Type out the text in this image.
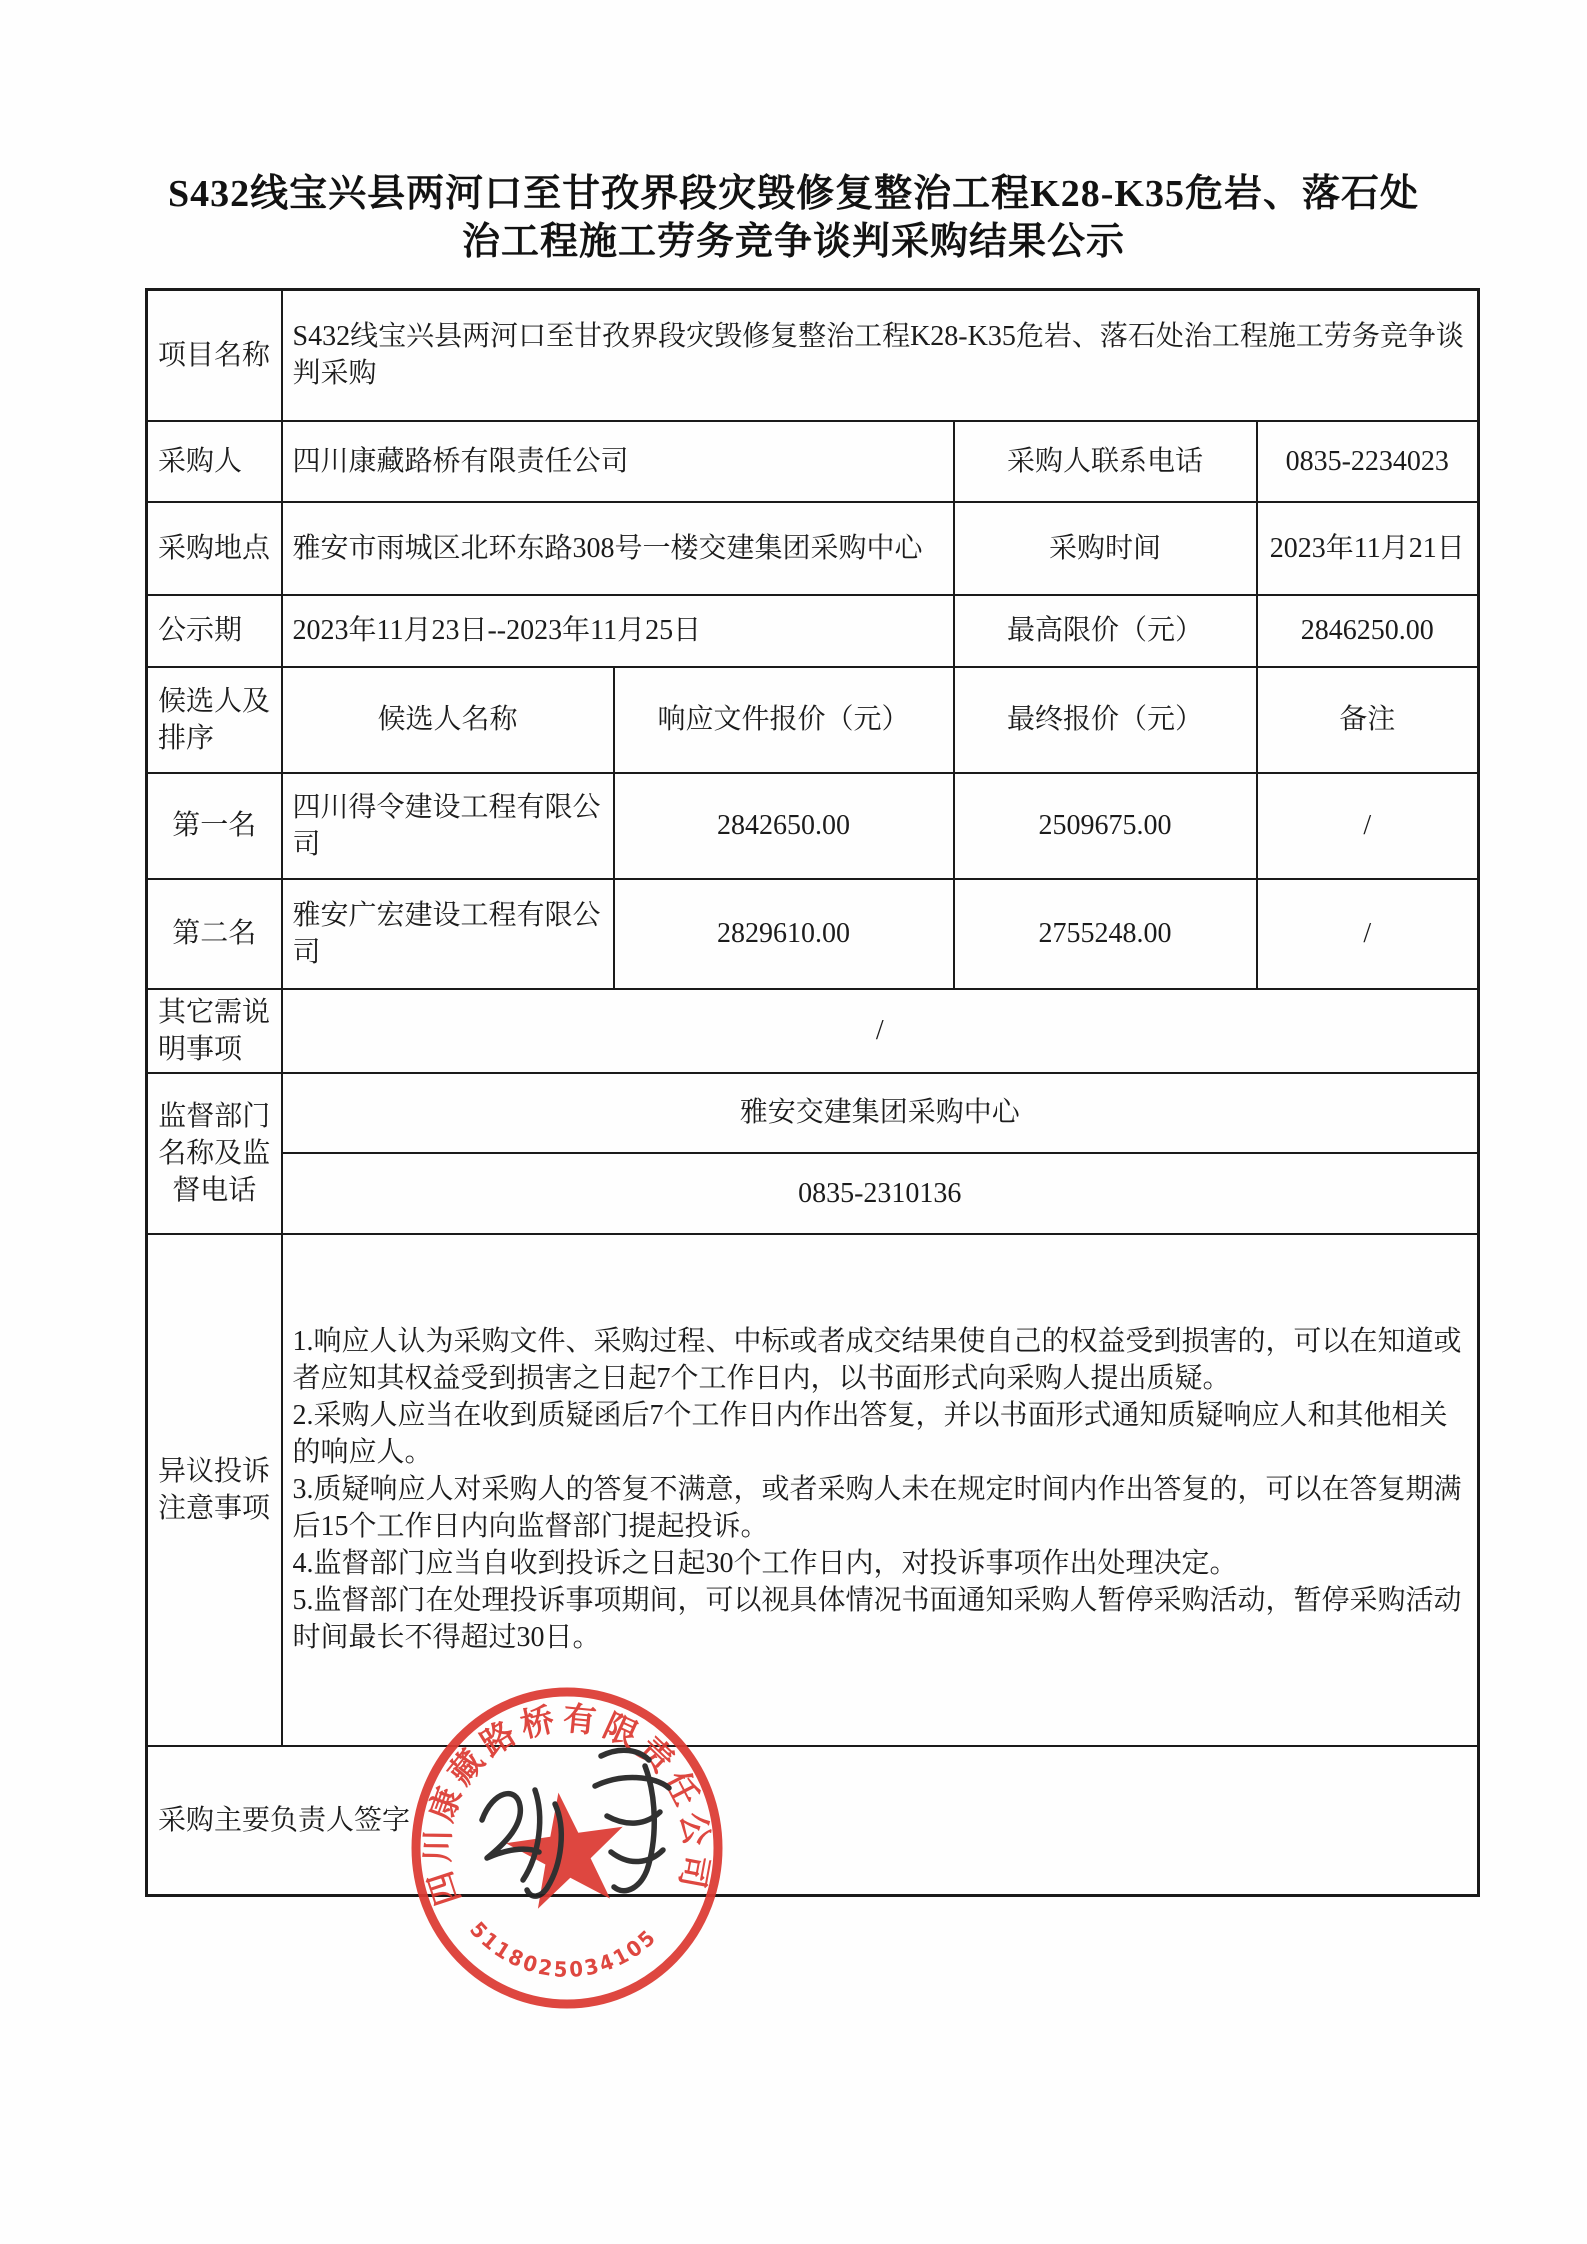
S432线宝兴县两河口至甘孜界段灾毁修复整治工程K28-K35危岩、落石处
治工程施工劳务竞争谈判采购结果公示
项目名称	S432线宝兴县两河口至甘孜界段灾毁修复整治工程K28-K35危岩、落石处治工程施工劳务竞争谈判采购			
采购人	四川康藏路桥有限责任公司		采购人联系电话	0835-2234023
采购地点	雅安市雨城区北环东路308号一楼交建集团采购中心		采购时间	2023年11月21日
公示期	2023年11月23日--2023年11月25日		最高限价（元）	2846250.00
候选人及排序	候选人名称	响应文件报价（元）	最终报价（元）	备注
第一名	四川得令建设工程有限公司	2842650.00	2509675.00	/
第二名	雅安广宏建设工程有限公司	2829610.00	2755248.00	/
其它需说明事项	/			
监督部门名称及监督电话	雅安交建集团采购中心			
	0835-2310136			
异议投诉注意事项	1.响应人认为采购文件、采购过程、中标或者成交结果使自己的权益受到损害的，可以在知道或者应知其权益受到损害之日起7个工作日内，以书面形式向采购人提出质疑。
2.采购人应当在收到质疑函后7个工作日内作出答复，并以书面形式通知质疑响应人和其他相关的响应人。
3.质疑响应人对采购人的答复不满意，或者采购人未在规定时间内作出答复的，可以在答复期满后15个工作日内向监督部门提起投诉。
4.监督部门应当自收到投诉之日起30个工作日内，对投诉事项作出处理决定。
5.监督部门在处理投诉事项期间，可以视具体情况书面通知采购人暂停采购活动，暂停采购活动时间最长不得超过30日。			

采购主要负责人签字				
四川康藏路桥有限责任公司
5118025034105
